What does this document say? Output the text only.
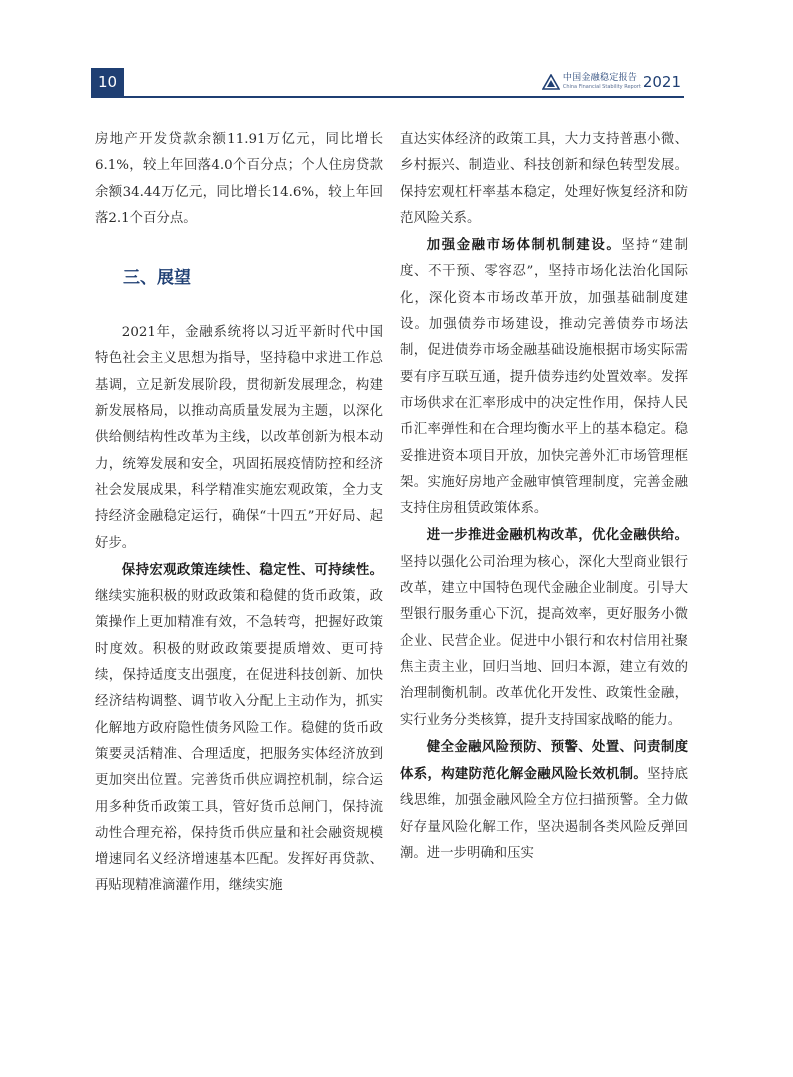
10	中国金融稳定报告
China Financial Stability Report 2021

房地产开发贷款余额11.91万亿元，同比增长6.1%，较上年回落4.0个百分点；个人住房贷款余额34.44万亿元，同比增长14.6%，较上年回落2.1个百分点。

三、展望

2021年，金融系统将以习近平新时代中国特色社会主义思想为指导，坚持稳中求进工作总基调，立足新发展阶段，贯彻新发展理念，构建新发展格局，以推动高质量发展为主题，以深化供给侧结构性改革为主线，以改革创新为根本动力，统筹发展和安全，巩固拓展疫情防控和经济社会发展成果，科学精准实施宏观政策，全力支持经济金融稳定运行，确保“十四五”开好局、起好步。

保持宏观政策连续性、稳定性、可持续性。继续实施积极的财政政策和稳健的货币政策，政策操作上更加精准有效，不急转弯，把握好政策时度效。积极的财政政策要提质增效、更可持续，保持适度支出强度，在促进科技创新、加快经济结构调整、调节收入分配上主动作为，抓实化解地方政府隐性债务风险工作。稳健的货币政策要灵活精准、合理适度，把服务实体经济放到更加突出位置。完善货币供应调控机制，综合运用多种货币政策工具，管好货币总闸门，保持流动性合理充裕，保持货币供应量和社会融资规模增速同名义经济增速基本匹配。发挥好再贷款、再贴现精准滴灌作用，继续实施

直达实体经济的政策工具，大力支持普惠小微、乡村振兴、制造业、科技创新和绿色转型发展。保持宏观杠杆率基本稳定，处理好恢复经济和防范风险关系。

加强金融市场体制机制建设。坚持“建制度、不干预、零容忍”，坚持市场化法治化国际化，深化资本市场改革开放，加强基础制度建设。加强债券市场建设，推动完善债券市场法制，促进债券市场金融基础设施根据市场实际需要有序互联互通，提升债券违约处置效率。发挥市场供求在汇率形成中的决定性作用，保持人民币汇率弹性和在合理均衡水平上的基本稳定。稳妥推进资本项目开放，加快完善外汇市场管理框架。实施好房地产金融审慎管理制度，完善金融支持住房租赁政策体系。

进一步推进金融机构改革，优化金融供给。坚持以强化公司治理为核心，深化大型商业银行改革，建立中国特色现代金融企业制度。引导大型银行服务重心下沉，提高效率，更好服务小微企业、民营企业。促进中小银行和农村信用社聚焦主责主业，回归当地、回归本源，建立有效的治理制衡机制。改革优化开发性、政策性金融，实行业务分类核算，提升支持国家战略的能力。

健全金融风险预防、预警、处置、问责制度体系，构建防范化解金融风险长效机制。坚持底线思维，加强金融风险全方位扫描预警。全力做好存量风险化解工作，坚决遏制各类风险反弹回潮。进一步明确和压实
